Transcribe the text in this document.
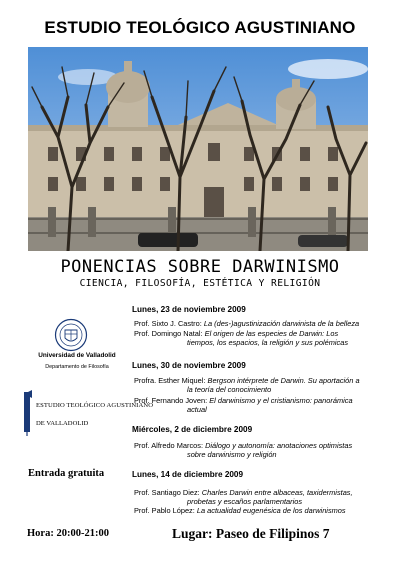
ESTUDIO TEOLÓGICO AGUSTINIANO
PONENCIAS SOBRE DARWINISMO
CIENCIA, FILOSOFÍA, ESTÉTICA Y RELIGIÓN
Lunes, 23 de noviembre 2009
Prof. Sixto J. Castro: La (des-)agustinización darwinista de la belleza
Prof. Domingo Natal: El origen de las especies de Darwin: Los
tiempos, los espacios, la religión y sus polémicas
Lunes, 30 de noviembre 2009
Profra. Esther Miquel: Bergson intérprete de Darwin. Su aportación a
la teoría del conocimiento
Prof. Fernando Joven: El darwinismo y el cristianismo: panorámica
actual
Miércoles, 2 de diciembre 2009
Prof. Alfredo Marcos: Diálogo y autonomía: anotaciones optimistas
sobre darwinismo y religión
Lunes, 14 de diciembre 2009
Prof. Santiago Diez: Charles Darwin entre albaceas, taxidermistas,
probetas y escaños parlamentarios
Prof. Pablo López: La actualidad eugenésica de los darwinismos
Universidad de Valladolid
Departamento de Filosofía
ESTUDIO TEOLÓGICO AGUSTINIANO
DE VALLADOLID
Entrada gratuita
Hora: 20:00-21:00	Lugar: Paseo de Filipinos 7
